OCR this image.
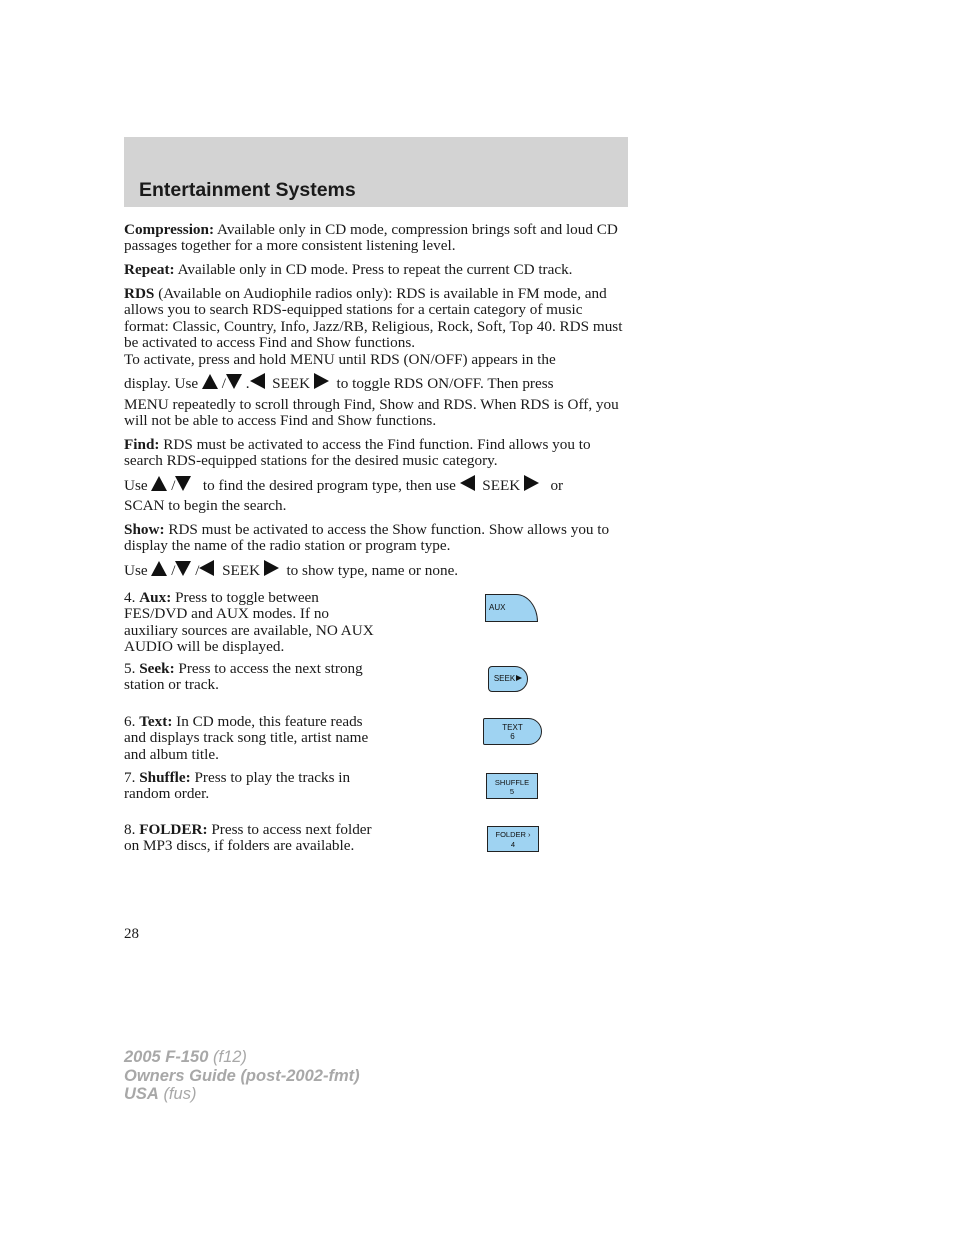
Entertainment Systems
Compression: Available only in CD mode, compression brings soft and loud CD passages together for a more consistent listening level.
Repeat: Available only in CD mode. Press to repeat the current CD track.
RDS (Available on Audiophile radios only): RDS is available in FM mode, and allows you to search RDS-equipped stations for a certain category of music format: Classic, Country, Info, Jazz/RB, Religious, Rock, Soft, Top 40. RDS must be activated to access Find and Show functions.
To activate, press and hold MENU until RDS (ON/OFF) appears in the
display. Use / . SEEK to toggle RDS ON/OFF. Then press
MENU repeatedly to scroll through Find, Show and RDS. When RDS is Off, you will not be able to access Find and Show functions.
Find: RDS must be activated to access the Find function. Find allows you to search RDS-equipped stations for the desired music category.
Use / to find the desired program type, then use SEEK or
SCAN to begin the search.
Show: RDS must be activated to access the Show function. Show allows you to display the name of the radio station or program type.
Use / / SEEK to show type, name or none.
4. Aux: Press to toggle between FES/DVD and AUX modes. If no auxiliary sources are available, NO AUX AUDIO will be displayed.
5. Seek: Press to access the next strong station or track.
6. Text: In CD mode, this feature reads and displays track song title, artist name and album title.
7. Shuffle: Press to play the tracks in random order.
8. FOLDER: Press to access next folder on MP3 discs, if folders are available.
AUX
SEEK
TEXT
6
SHUFFLE
5
FOLDER ›
4
28
2005 F-150 (f12)
Owners Guide (post-2002-fmt)
USA (fus)
